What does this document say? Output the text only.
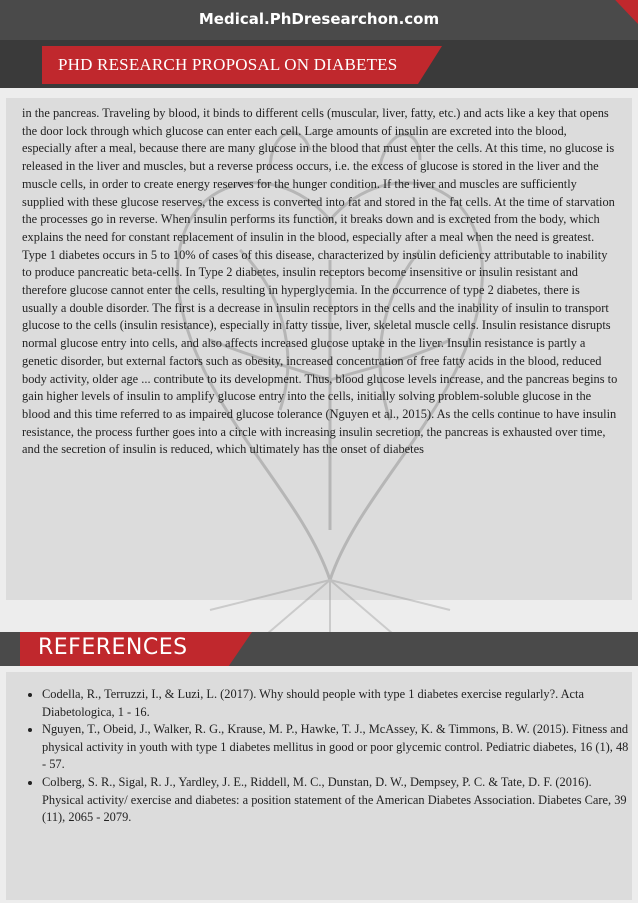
Medical.PhDresearchon.com
PHD RESEARCH PROPOSAL ON DIABETES
in the pancreas. Traveling by blood, it binds to different cells (muscular, liver, fatty, etc.) and acts like a key that opens the door lock through which glucose can enter each cell. Large amounts of insulin are excreted into the blood, especially after a meal, because there are many glucose in the blood that must enter the cells. At this time, no glucose is released in the liver and muscles, but a reverse process occurs, i.e. the excess of glucose is stored in the liver and the muscle cells, in order to create energy reserves for the hunger condition. If the liver and muscles are sufficiently supplied with these glucose reserves, the excess is converted into fat and stored in the fat cells. At the time of starvation the processes go in reverse. When insulin performs its function, it breaks down and is excreted from the body, which explains the need for constant replacement of insulin in the blood, especially after a meal when the need is greatest. Type 1 diabetes occurs in 5 to 10% of cases of this disease, characterized by insulin deficiency attributable to inability to produce pancreatic beta-cells. In Type 2 diabetes, insulin receptors become insensitive or insulin resistant and therefore glucose cannot enter the cells, resulting in hyperglycemia. In the occurrence of type 2 diabetes, there is usually a double disorder. The first is a decrease in insulin receptors in the cells and the inability of insulin to transport glucose to the cells (insulin resistance), especially in fatty tissue, liver, skeletal muscle cells. Insulin resistance disrupts normal glucose entry into cells, and also affects increased glucose uptake in the liver. Insulin resistance is partly a genetic disorder, but external factors such as obesity, increased concentration of free fatty acids in the blood, reduced body activity, older age ... contribute to its development. Thus, blood glucose levels increase, and the pancreas begins to gain higher levels of insulin to amplify glucose entry into the cells, initially solving problem-soluble glucose in the blood and this time referred to as impaired glucose tolerance (Nguyen et al., 2015). As the cells continue to have insulin resistance, the process further goes into a circle with increasing insulin secretion, the pancreas is exhausted over time, and the secretion of insulin is reduced, which ultimately has the onset of diabetes
REFERENCES
• Codella, R., Terruzzi, I., & Luzi, L. (2017). Why should people with type 1 diabetes exercise regularly?. Acta Diabetologica, 1 - 16.
• Nguyen, T., Obeid, J., Walker, R. G., Krause, M. P., Hawke, T. J., McAssey, K. & Timmons, B. W. (2015). Fitness and physical activity in youth with type 1 diabetes mellitus in good or poor glycemic control. Pediatric diabetes, 16 (1), 48 - 57.
• Colberg, S. R., Sigal, R. J., Yardley, J. E., Riddell, M. C., Dunstan, D. W., Dempsey, P. C. & Tate, D. F. (2016). Physical activity/ exercise and diabetes: a position statement of the American Diabetes Association. Diabetes Care, 39 (11), 2065 - 2079.
